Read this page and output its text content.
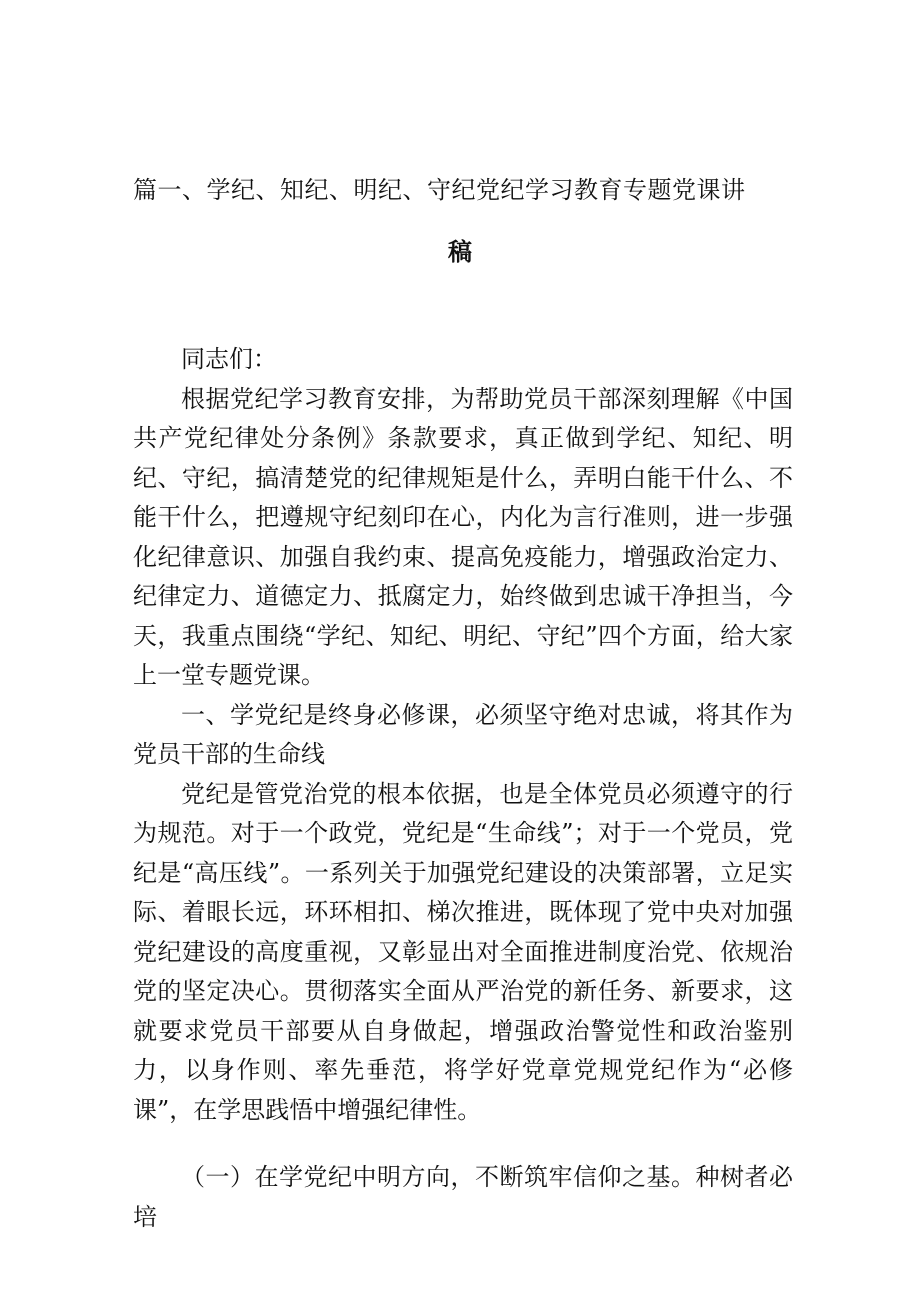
篇一、学纪、知纪、明纪、守纪党纪学习教育专题党课讲
稿

同志们：

根据党纪学习教育安排，为帮助党员干部深刻理解《中国共产党纪律处分条例》条款要求，真正做到学纪、知纪、明纪、守纪，搞清楚党的纪律规矩是什么，弄明白能干什么、不能干什么，把遵规守纪刻印在心，内化为言行准则，进一步强化纪律意识、加强自我约束、提高免疫能力，增强政治定力、纪律定力、道德定力、抵腐定力，始终做到忠诚干净担当，今天，我重点围绕“学纪、知纪、明纪、守纪”四个方面，给大家上一堂专题党课。

一、学党纪是终身必修课，必须坚守绝对忠诚，将其作为党员干部的生命线

党纪是管党治党的根本依据，也是全体党员必须遵守的行为规范。对于一个政党，党纪是“生命线”；对于一个党员，党纪是“高压线”。一系列关于加强党纪建设的决策部署，立足实际、着眼长远，环环相扣、梯次推进，既体现了党中央对加强党纪建设的高度重视，又彰显出对全面推进制度治党、依规治党的坚定决心。贯彻落实全面从严治党的新任务、新要求，这就要求党员干部要从自身做起，增强政治警觉性和政治鉴别力，以身作则、率先垂范，将学好党章党规党纪作为“必修课”，在学思践悟中增强纪律性。

（一）在学党纪中明方向，不断筑牢信仰之基。种树者必培
